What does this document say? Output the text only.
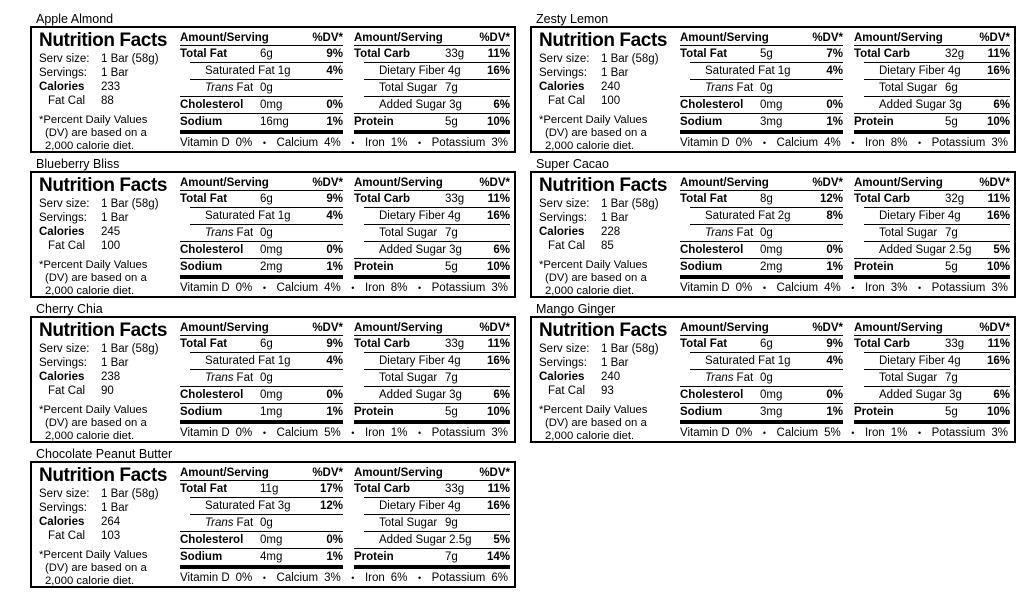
Apple Almond
Nutrition Facts
Serv size:	1 Bar (58g)
Servings:	1 Bar
Calories	233
Fat Cal	88

*Percent Daily Values (DV) are based on a 2,000 calorie diet.

Amount/Serving	%DV*
Total Fat	6g	9%
Saturated Fat 1g	4%
Trans Fat 0g
Cholesterol	0mg	0%
Sodium	16mg	1%
Amount/Serving	%DV*
Total Carb	33g	11%
Dietary Fiber 4g	16%
Total Sugar 7g
Added Sugar 3g	6%
Protein	5g	10%
Vitamin D 0% • Calcium 4% • Iron 1% • Potassium 3%
Zesty Lemon
Nutrition Facts
Serv size:	1 Bar (58g)
Servings:	1 Bar
Calories	240
Fat Cal	100

*Percent Daily Values (DV) are based on a 2,000 calorie diet.

Amount/Serving	%DV*
Total Fat	5g	7%
Saturated Fat 1g	4%
Trans Fat 0g
Cholesterol	0mg	0%
Sodium	3mg	1%
Amount/Serving	%DV*
Total Carb	32g	11%
Dietary Fiber 4g	16%
Total Sugar 6g
Added Sugar 3g	6%
Protein	5g	10%
Vitamin D 0% • Calcium 4% • Iron 8% • Potassium 3%
Blueberry Bliss
Nutrition Facts
Serv size:	1 Bar (58g)
Servings:	1 Bar
Calories	245
Fat Cal	100

*Percent Daily Values (DV) are based on a 2,000 calorie diet.

Amount/Serving	%DV*
Total Fat	6g	9%
Saturated Fat 1g	4%
Trans Fat 0g
Cholesterol	0mg	0%
Sodium	2mg	1%
Amount/Serving	%DV*
Total Carb	33g	11%
Dietary Fiber 4g	16%
Total Sugar 7g
Added Sugar 3g	6%
Protein	5g	10%
Vitamin D 0% • Calcium 4% • Iron 8% • Potassium 3%
Super Cacao
Nutrition Facts
Serv size:	1 Bar (58g)
Servings:	1 Bar
Calories	228
Fat Cal	85

*Percent Daily Values (DV) are based on a 2,000 calorie diet.

Amount/Serving	%DV*
Total Fat	8g	12%
Saturated Fat 2g	8%
Trans Fat 0g
Cholesterol	0mg	0%
Sodium	2mg	1%
Amount/Serving	%DV*
Total Carb	32g	11%
Dietary Fiber 4g	16%
Total Sugar 7g
Added Sugar 2.5g	5%
Protein	5g	10%
Vitamin D 0% • Calcium 4% • Iron 3% • Potassium 3%
Cherry Chia
Nutrition Facts
Serv size:	1 Bar (58g)
Servings:	1 Bar
Calories	238
Fat Cal	90

*Percent Daily Values (DV) are based on a 2,000 calorie diet.

Amount/Serving	%DV*
Total Fat	6g	9%
Saturated Fat 1g	4%
Trans Fat 0g
Cholesterol	0mg	0%
Sodium	1mg	1%
Amount/Serving	%DV*
Total Carb	33g	11%
Dietary Fiber 4g	16%
Total Sugar 7g
Added Sugar 3g	6%
Protein	5g	10%
Vitamin D 0% • Calcium 5% • Iron 1% • Potassium 3%
Mango Ginger
Nutrition Facts
Serv size:	1 Bar (58g)
Servings:	1 Bar
Calories	240
Fat Cal	93

*Percent Daily Values (DV) are based on a 2,000 calorie diet.

Amount/Serving	%DV*
Total Fat	6g	9%
Saturated Fat 1g	4%
Trans Fat 0g
Cholesterol	0mg	0%
Sodium	3mg	1%
Amount/Serving	%DV*
Total Carb	33g	11%
Dietary Fiber 4g	16%
Total Sugar 7g
Added Sugar 3g	6%
Protein	5g	10%
Vitamin D 0% • Calcium 5% • Iron 1% • Potassium 3%
Chocolate Peanut Butter
Nutrition Facts
Serv size:	1 Bar (58g)
Servings:	1 Bar
Calories	264
Fat Cal	103

*Percent Daily Values (DV) are based on a 2,000 calorie diet.

Amount/Serving	%DV*
Total Fat	11g	17%
Saturated Fat 3g	12%
Trans Fat 0g
Cholesterol	0mg	0%
Sodium	4mg	1%
Amount/Serving	%DV*
Total Carb	33g	11%
Dietary Fiber 4g	16%
Total Sugar 9g
Added Sugar 2.5g	5%
Protein	7g	14%
Vitamin D 0% • Calcium 3% • Iron 6% • Potassium 6%
